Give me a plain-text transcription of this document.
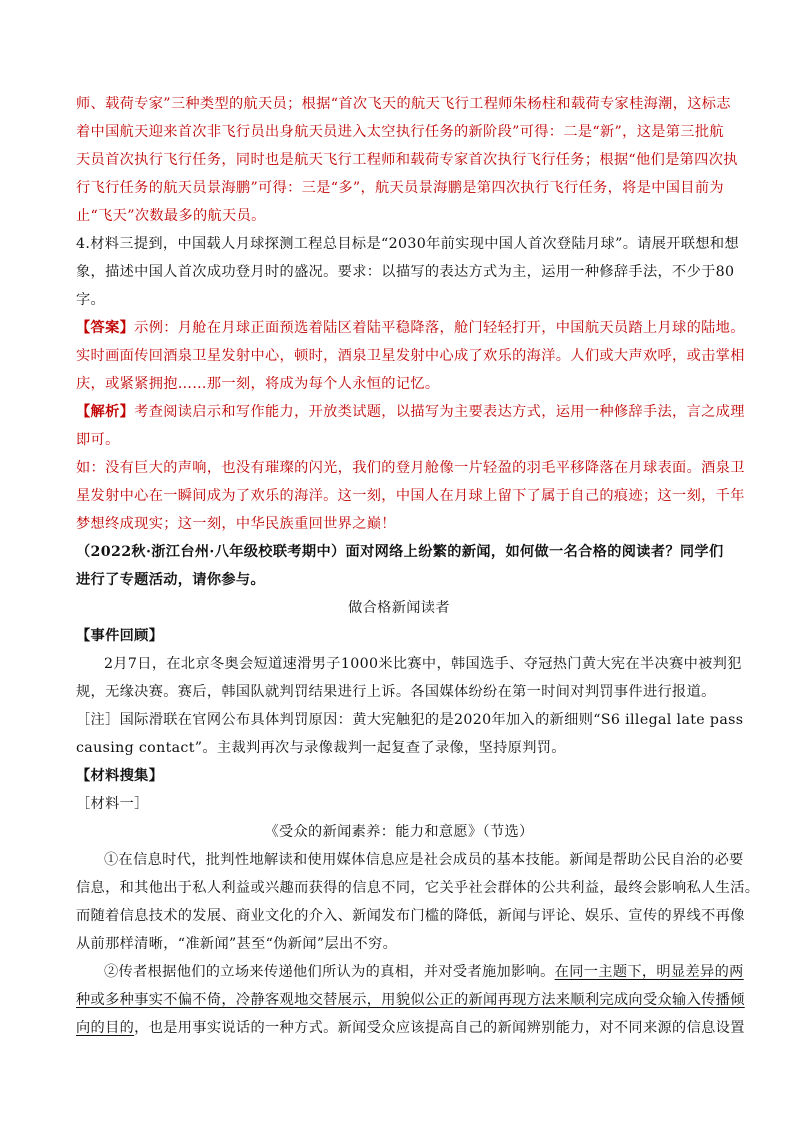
师、载荷专家”三种类型的航天员；根据“首次飞天的航天飞行工程师朱杨柱和载荷专家桂海潮，这标志
着中国航天迎来首次非飞行员出身航天员进入太空执行任务的新阶段”可得：二是“新”，这是第三批航
天员首次执行飞行任务，同时也是航天飞行工程师和载荷专家首次执行飞行任务；根据“他们是第四次执
行飞行任务的航天员景海鹏”可得：三是“多”，航天员景海鹏是第四次执行飞行任务，将是中国目前为
止“飞天”次数最多的航天员。
4.材料三提到，中国载人月球探测工程总目标是“2030年前实现中国人首次登陆月球”。请展开联想和想
象，描述中国人首次成功登月时的盛况。要求：以描写的表达方式为主，运用一种修辞手法，不少于80
字。
【答案】示例：月舱在月球正面预选着陆区着陆平稳降落，舱门轻轻打开，中国航天员踏上月球的陆地。
实时画面传回酒泉卫星发射中心，顿时，酒泉卫星发射中心成了欢乐的海洋。人们或大声欢呼，或击掌相
庆，或紧紧拥抱……那一刻，将成为每个人永恒的记忆。
【解析】考查阅读启示和写作能力，开放类试题，以描写为主要表达方式，运用一种修辞手法，言之成理
即可。
如：没有巨大的声响，也没有璀璨的闪光，我们的登月舱像一片轻盈的羽毛平移降落在月球表面。酒泉卫
星发射中心在一瞬间成为了欢乐的海洋。这一刻，中国人在月球上留下了属于自己的痕迹；这一刻，千年
梦想终成现实；这一刻，中华民族重回世界之巅！
（2022秋·浙江台州·八年级校联考期中）面对网络上纷繁的新闻，如何做一名合格的阅读者？同学们
进行了专题活动，请你参与。
做合格新闻读者
【事件回顾】
2月7日，在北京冬奥会短道速滑男子1000米比赛中，韩国选手、夺冠热门黄大宪在半决赛中被判犯
规，无缘决赛。赛后，韩国队就判罚结果进行上诉。各国媒体纷纷在第一时间对判罚事件进行报道。
［注］国际滑联在官网公布具体判罚原因：黄大宪触犯的是2020年加入的新细则“S6 illegal late pass
causing contact”。主裁判再次与录像裁判一起复查了录像，坚持原判罚。
【材料搜集】
［材料一］
《受众的新闻素养：能力和意愿》（节选）
①在信息时代，批判性地解读和使用媒体信息应是社会成员的基本技能。新闻是帮助公民自治的必要
信息，和其他出于私人利益或兴趣而获得的信息不同，它关乎社会群体的公共利益，最终会影响私人生活。
而随着信息技术的发展、商业文化的介入、新闻发布门槛的降低，新闻与评论、娱乐、宣传的界线不再像
从前那样清晰，“准新闻”甚至“伪新闻”层出不穷。
②传者根据他们的立场来传递他们所认为的真相，并对受者施加影响。在同一主题下，明显差异的两
种或多种事实不偏不倚，冷静客观地交替展示，用貌似公正的新闻再现方法来顺利完成向受众输入传播倾
向的目的，也是用事实说话的一种方式。新闻受众应该提高自己的新闻辨别能力，对不同来源的信息设置
